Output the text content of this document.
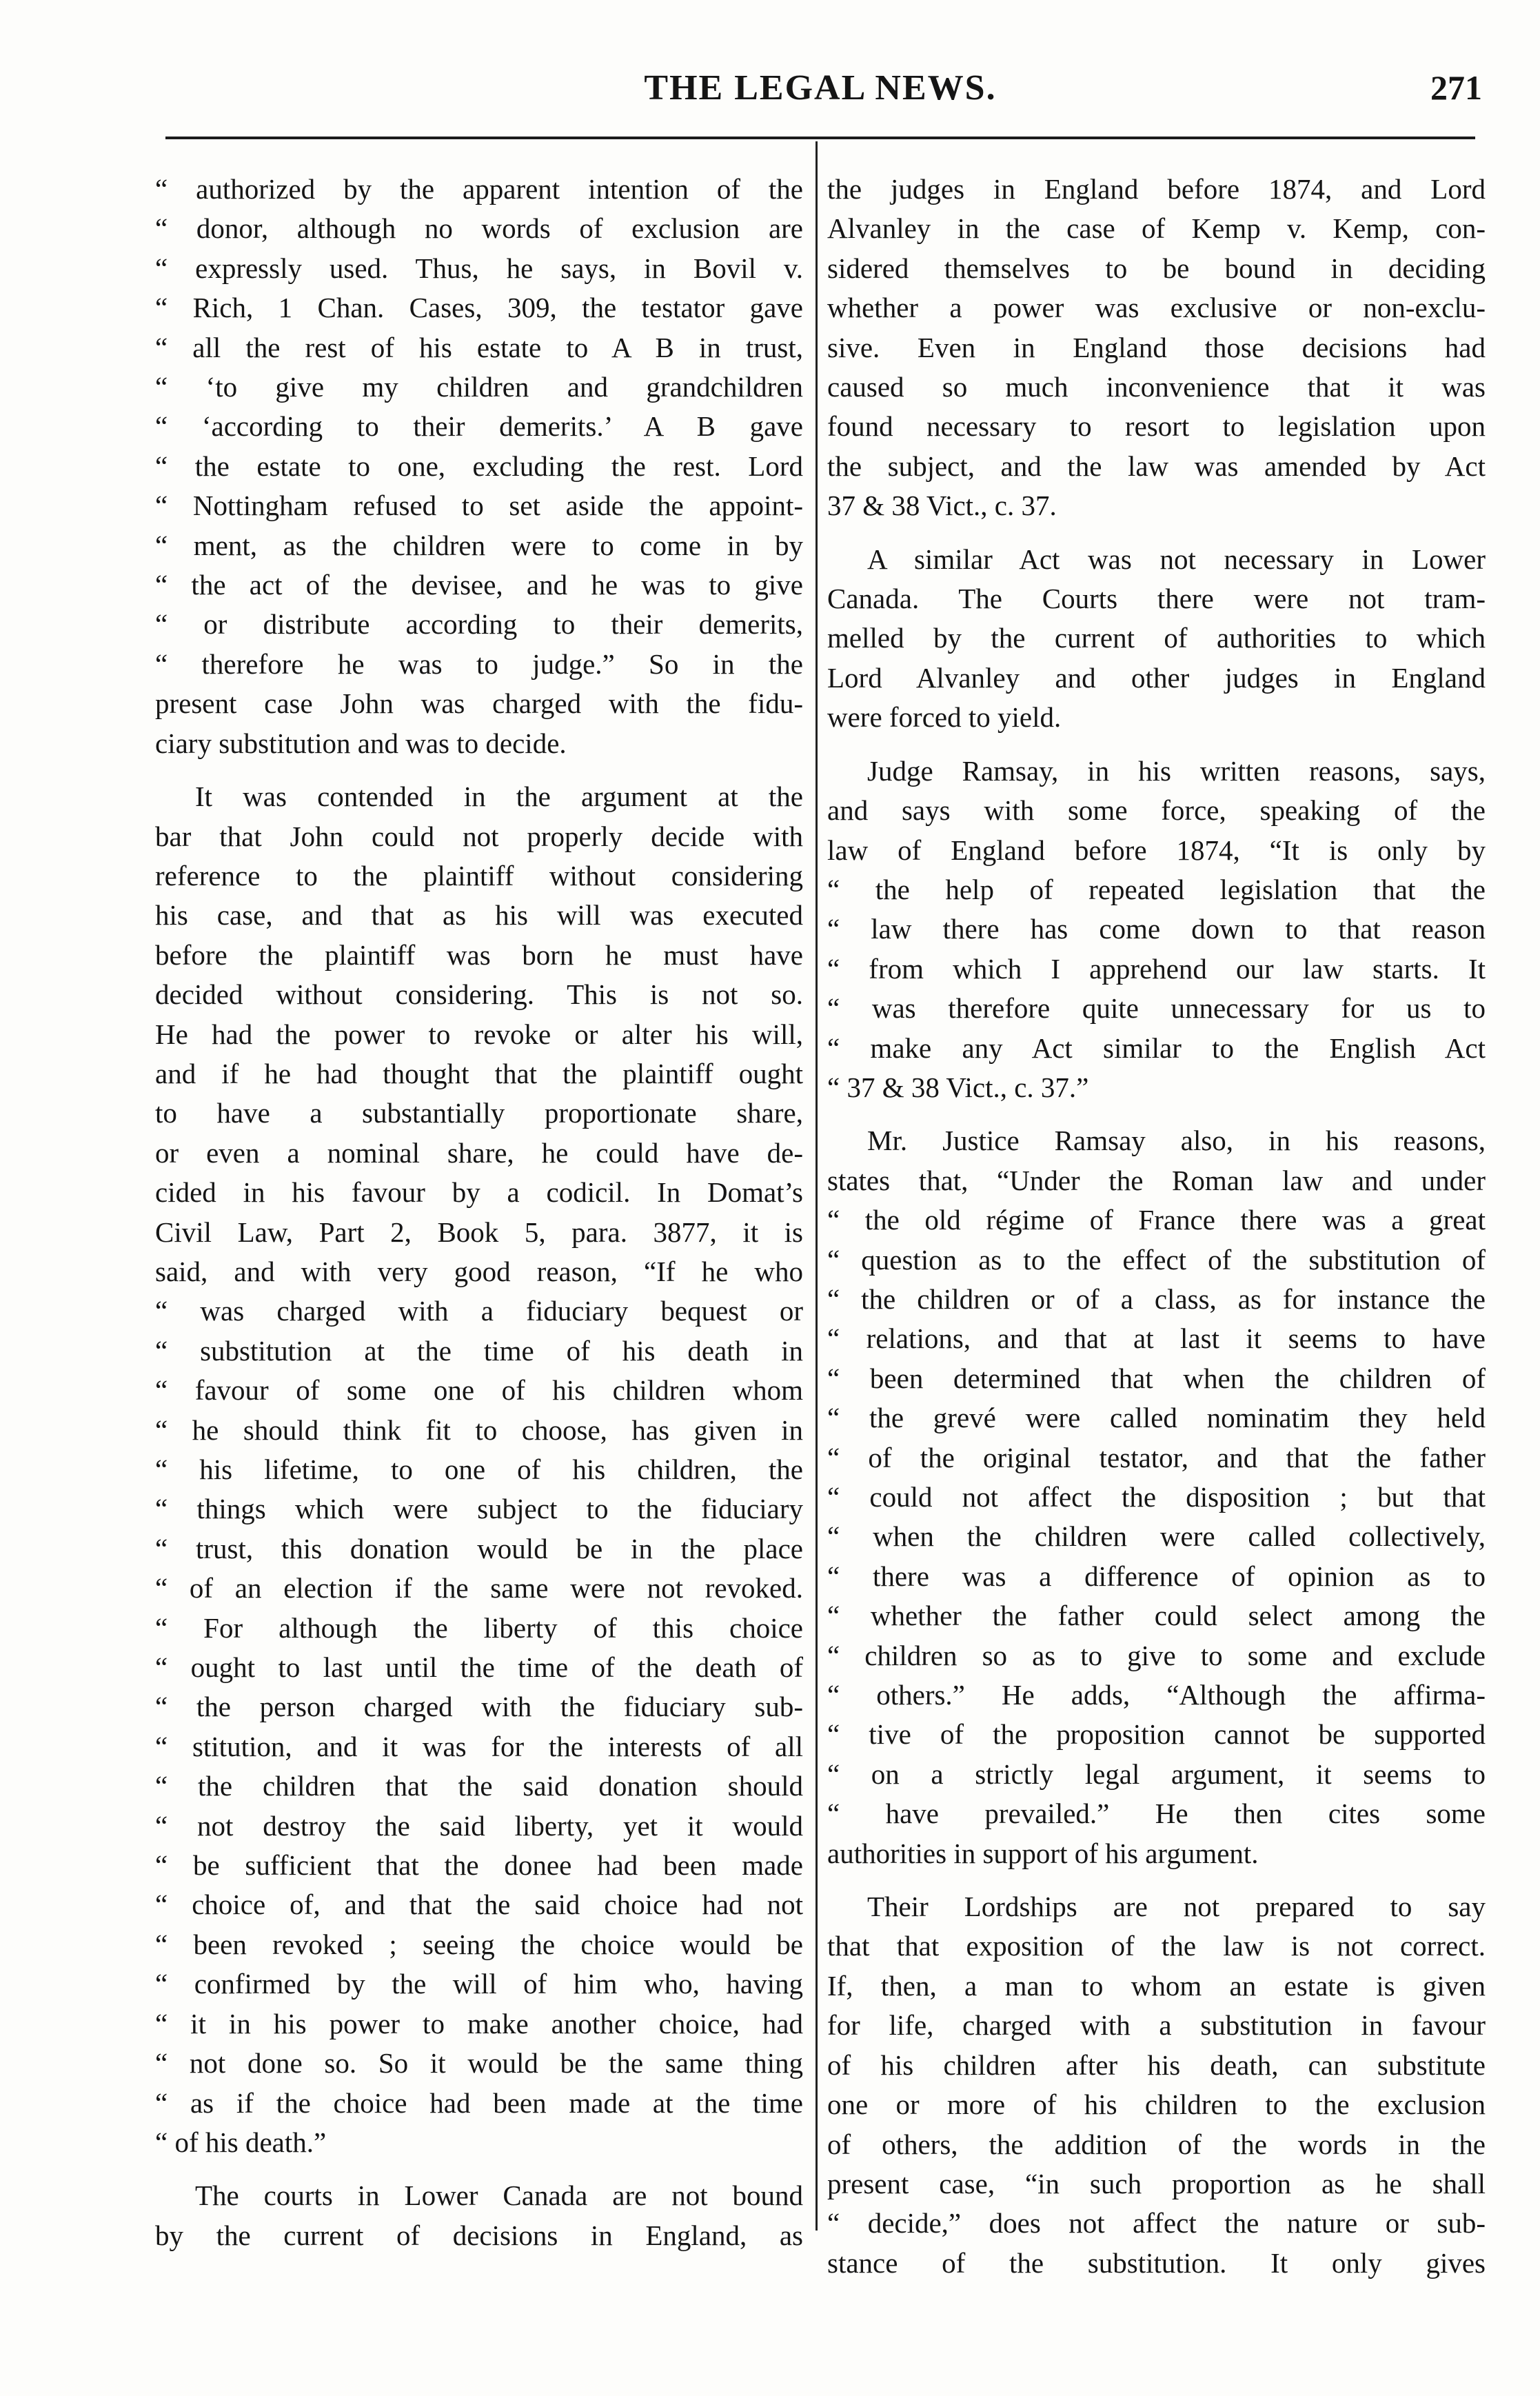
THE LEGAL NEWS.	271

“ authorized by the apparent intention of the
“ donor, although no words of exclusion are
“ expressly used. Thus, he says, in Bovil v.
“ Rich, 1 Chan. Cases, 309, the testator gave
“ all the rest of his estate to A B in trust,
“ ‘to give my children and grandchildren
“ ‘according to their demerits.’ A B gave
“ the estate to one, excluding the rest. Lord
“ Nottingham refused to set aside the appoint-
“ ment, as the children were to come in by
“ the act of the devisee, and he was to give
“ or distribute according to their demerits,
“ therefore he was to judge.” So in the
present case John was charged with the fidu-
ciary substitution and was to decide.

It was contended in the argument at the
bar that John could not properly decide with
reference to the plaintiff without considering
his case, and that as his will was executed
before the plaintiff was born he must have
decided without considering. This is not so.
He had the power to revoke or alter his will,
and if he had thought that the plaintiff ought
to have a substantially proportionate share,
or even a nominal share, he could have de-
cided in his favour by a codicil. In Domat’s
Civil Law, Part 2, Book 5, para. 3877, it is
said, and with very good reason, “If he who
“ was charged with a fiduciary bequest or
“ substitution at the time of his death in
“ favour of some one of his children whom
“ he should think fit to choose, has given in
“ his lifetime, to one of his children, the
“ things which were subject to the fiduciary
“ trust, this donation would be in the place
“ of an election if the same were not revoked.
“ For although the liberty of this choice
“ ought to last until the time of the death of
“ the person charged with the fiduciary sub-
“ stitution, and it was for the interests of all
“ the children that the said donation should
“ not destroy the said liberty, yet it would
“ be sufficient that the donee had been made
“ choice of, and that the said choice had not
“ been revoked ; seeing the choice would be
“ confirmed by the will of him who, having
“ it in his power to make another choice, had
“ not done so. So it would be the same thing
“ as if the choice had been made at the time
“ of his death.”

The courts in Lower Canada are not bound
by the current of decisions in England, as

the judges in England before 1874, and Lord
Alvanley in the case of Kemp v. Kemp, con-
sidered themselves to be bound in deciding
whether a power was exclusive or non-exclu-
sive. Even in England those decisions had
caused so much inconvenience that it was
found necessary to resort to legislation upon
the subject, and the law was amended by Act
37 & 38 Vict., c. 37.

A similar Act was not necessary in Lower
Canada. The Courts there were not tram-
melled by the current of authorities to which
Lord Alvanley and other judges in England
were forced to yield.

Judge Ramsay, in his written reasons, says,
and says with some force, speaking of the
law of England before 1874, “It is only by
“ the help of repeated legislation that the
“ law there has come down to that reason
“ from which I apprehend our law starts. It
“ was therefore quite unnecessary for us to
“ make any Act similar to the English Act
“ 37 & 38 Vict., c. 37.”

Mr. Justice Ramsay also, in his reasons,
states that, “Under the Roman law and under
“ the old régime of France there was a great
“ question as to the effect of the substitution of
“ the children or of a class, as for instance the
“ relations, and that at last it seems to have
“ been determined that when the children of
“ the grevé were called nominatim they held
“ of the original testator, and that the father
“ could not affect the disposition ; but that
“ when the children were called collectively,
“ there was a difference of opinion as to
“ whether the father could select among the
“ children so as to give to some and exclude
“ others.” He adds, “Although the affirma-
“ tive of the proposition cannot be supported
“ on a strictly legal argument, it seems to
“ have prevailed.” He then cites some
authorities in support of his argument.

Their Lordships are not prepared to say
that that exposition of the law is not correct.
If, then, a man to whom an estate is given
for life, charged with a substitution in favour
of his children after his death, can substitute
one or more of his children to the exclusion
of others, the addition of the words in the
present case, “in such proportion as he shall
“ decide,” does not affect the nature or sub-
stance of the substitution. It only gives
